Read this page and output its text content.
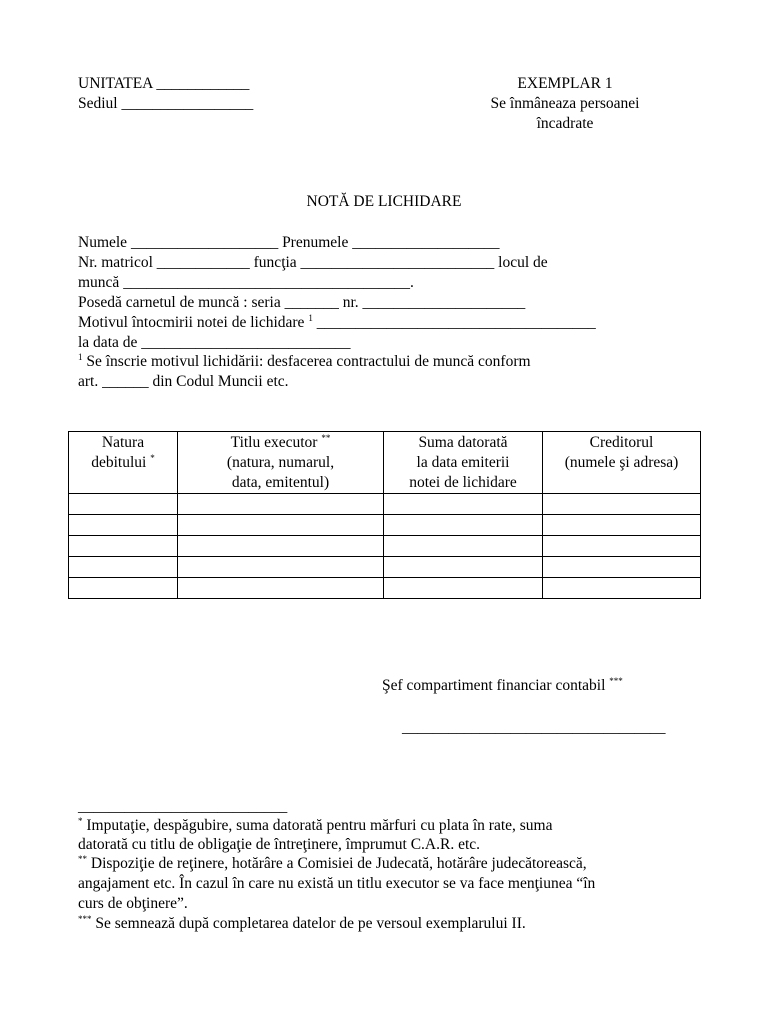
UNITATEA ____________
Sediul _________________
EXEMPLAR 1
Se înmâneaza persoanei
încadrate
NOTĂ DE LICHIDARE
Numele ___________________ Prenumele ___________________
Nr. matricol ____________ funcţia _________________________ locul de
muncă _____________________________________.
Posedă carnetul de muncă : seria _______ nr. _____________________
Motivul întocmirii notei de lichidare $^1$ ____________________________________
la data de ___________________________
$^1$ Se înscrie motivul lichidării: desfacerea contractului de muncă conform
art. ______ din Codul Muncii etc.
Natura
debitului *	Titlu executor **
(natura, numarul,
data, emitentul)	Suma datorată
la data emiterii
notei de lichidare	Creditorul
(numele şi adresa)

Şef compartiment financiar contabil ***
__________________________________
___________________________
* Imputaţie, despăgubire, suma datorată pentru mărfuri cu plata în rate, suma
datorată cu titlu de obligaţie de întreţinere, împrumut C.A.R. etc.
** Dispoziţie de reţinere, hotărâre a Comisiei de Judecată, hotărâre judecătorească,
angajament etc. În cazul în care nu există un titlu executor se va face menţiunea “în
curs de obţinere”.
*** Se semnează după completarea datelor de pe versoul exemplarului II.
